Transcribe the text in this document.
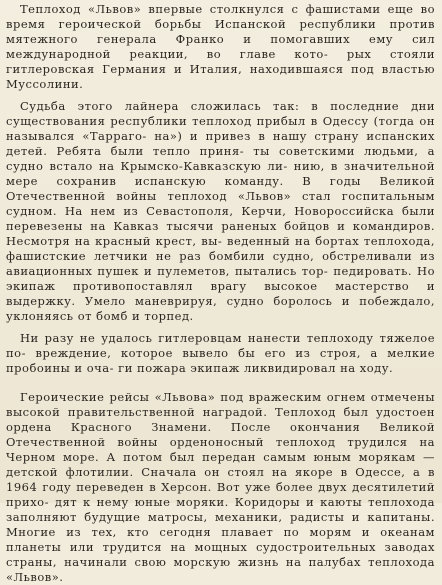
Теплоход «Львов» впервые столкнулся с фашистами еще во время героической борьбы Испанской республики против мятежного генерала Франко и помогавших ему сил международной реакции, во главе кото- рых стояли гитлеровская Германия и Италия, находившаяся под властью Муссолини.

Судьба этого лайнера сложилась так: в последние дни существования республики теплоход прибыл в Одессу (тогда он назывался «Тарраго- на») и привез в нашу страну испанских детей. Ребята были тепло приня- ты советскими людьми, а судно встало на Крымско-Кавказскую ли- нию, в значительной мере сохранив испанскую команду. В годы Великой Отечественной войны теплоход «Львов» стал госпитальным судном. На нем из Севастополя, Керчи, Новороссийска были перевезены на Кавказ тысячи раненых бойцов и командиров. Несмотря на красный крест, вы- веденный на бортах теплохода, фашистские летчики не раз бомбили судно, обстреливали из авиационных пушек и пулеметов, пытались тор- педировать. Но экипаж противопоставлял врагу высокое мастерство и выдержку. Умело маневрируя, судно боролось и побеждало, уклоняясь от бомб и торпед.

Ни разу не удалось гитлеровцам нанести теплоходу тяжелое по- вреждение, которое вывело бы его из строя, а мелкие пробоины и оча- ги пожара экипаж ликвидировал на ходу.

Героические рейсы «Львова» под вражеским огнем отмечены высокой правительственной наградой. Теплоход был удостоен ордена Красного Знамени. После окончания Великой Отечественной войны орденоносный теплоход трудился на Черном море. А потом был передан самым юным морякам — детской флотилии. Сначала он стоял на якоре в Одессе, а в 1964 году переведен в Херсон. Вот уже более двух десятилетий прихо- дят к нему юные моряки. Коридоры и каюты теплохода заполняют будущие матросы, механики, радисты и капитаны. Многие из тех, кто сегодня плавает по морям и океанам планеты или трудится на мощных судостроительных заводах страны, начинали свою морскую жизнь на палубах теплохода «Львов».
